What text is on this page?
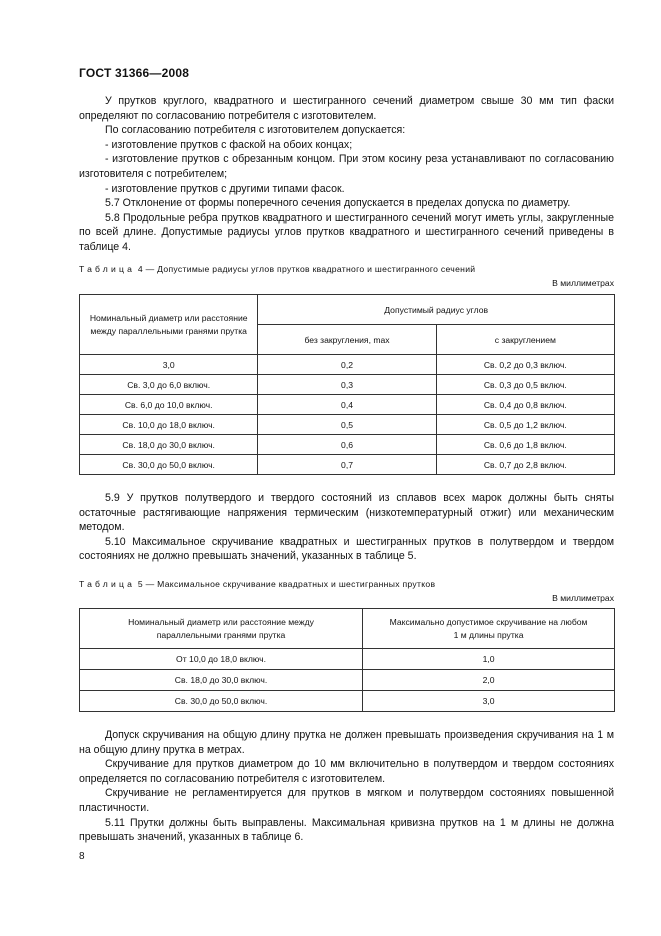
ГОСТ 31366—2008

У прутков круглого, квадратного и шестигранного сечений диаметром свыше 30 мм тип фаски определяют по согласованию потребителя с изготовителем.

По согласованию потребителя с изготовителем допускается:

- изготовление прутков с фаской на обоих концах;

- изготовление прутков с обрезанным концом. При этом косину реза устанавливают по согласованию изготовителя с потребителем;

- изготовление прутков с другими типами фасок.

5.7 Отклонение от формы поперечного сечения допускается в пределах допуска по диаметру.

5.8 Продольные ребра прутков квадратного и шестигранного сечений могут иметь углы, закругленные по всей длине. Допустимые радиусы углов прутков квадратного и шестигранного сечений приведены в таблице 4.

Таблица 4 — Допустимые радиусы углов прутков квадратного и шестигранного сечений
В миллиметрах
Номинальный диаметр или расстояние между параллельными гранями прутка	Допустимый радиус углов	
	без закругления, max	с закруглением
3,0	0,2	Св. 0,2 до 0,3 включ.
Св. 3,0 до 6,0 включ.	0,3	Св. 0,3 до 0,5 включ.
Св. 6,0 до 10,0 включ.	0,4	Св. 0,4 до 0,8 включ.
Св. 10,0 до 18,0 включ.	0,5	Св. 0,5 до 1,2 включ.
Св. 18,0 до 30,0 включ.	0,6	Св. 0,6 до 1,8 включ.
Св. 30,0 до 50,0 включ.	0,7	Св. 0,7 до 2,8 включ.

5.9 У прутков полутвердого и твердого состояний из сплавов всех марок должны быть сняты остаточные растягивающие напряжения термическим (низкотемпературный отжиг) или механическим методом.

5.10 Максимальное скручивание квадратных и шестигранных прутков в полутвердом и твердом состояниях не должно превышать значений, указанных в таблице 5.

Таблица 5 — Максимальное скручивание квадратных и шестигранных прутков
В миллиметрах
Номинальный диаметр или расстояние между параллельными гранями прутка	Максимально допустимое скручивание на любом 1 м длины прутка
От 10,0 до 18,0 включ.	1,0
Св. 18,0 до 30,0 включ.	2,0
Св. 30,0 до 50,0 включ.	3,0

Допуск скручивания на общую длину прутка не должен превышать произведения скручивания на 1 м на общую длину прутка в метрах.

Скручивание для прутков диаметром до 10 мм включительно в полутвердом и твердом состояниях определяется по согласованию потребителя с изготовителем.

Скручивание не регламентируется для прутков в мягком и полутвердом состояниях повышенной пластичности.

5.11 Прутки должны быть выправлены. Максимальная кривизна прутков на 1 м длины не должна превышать значений, указанных в таблице 6.

8
